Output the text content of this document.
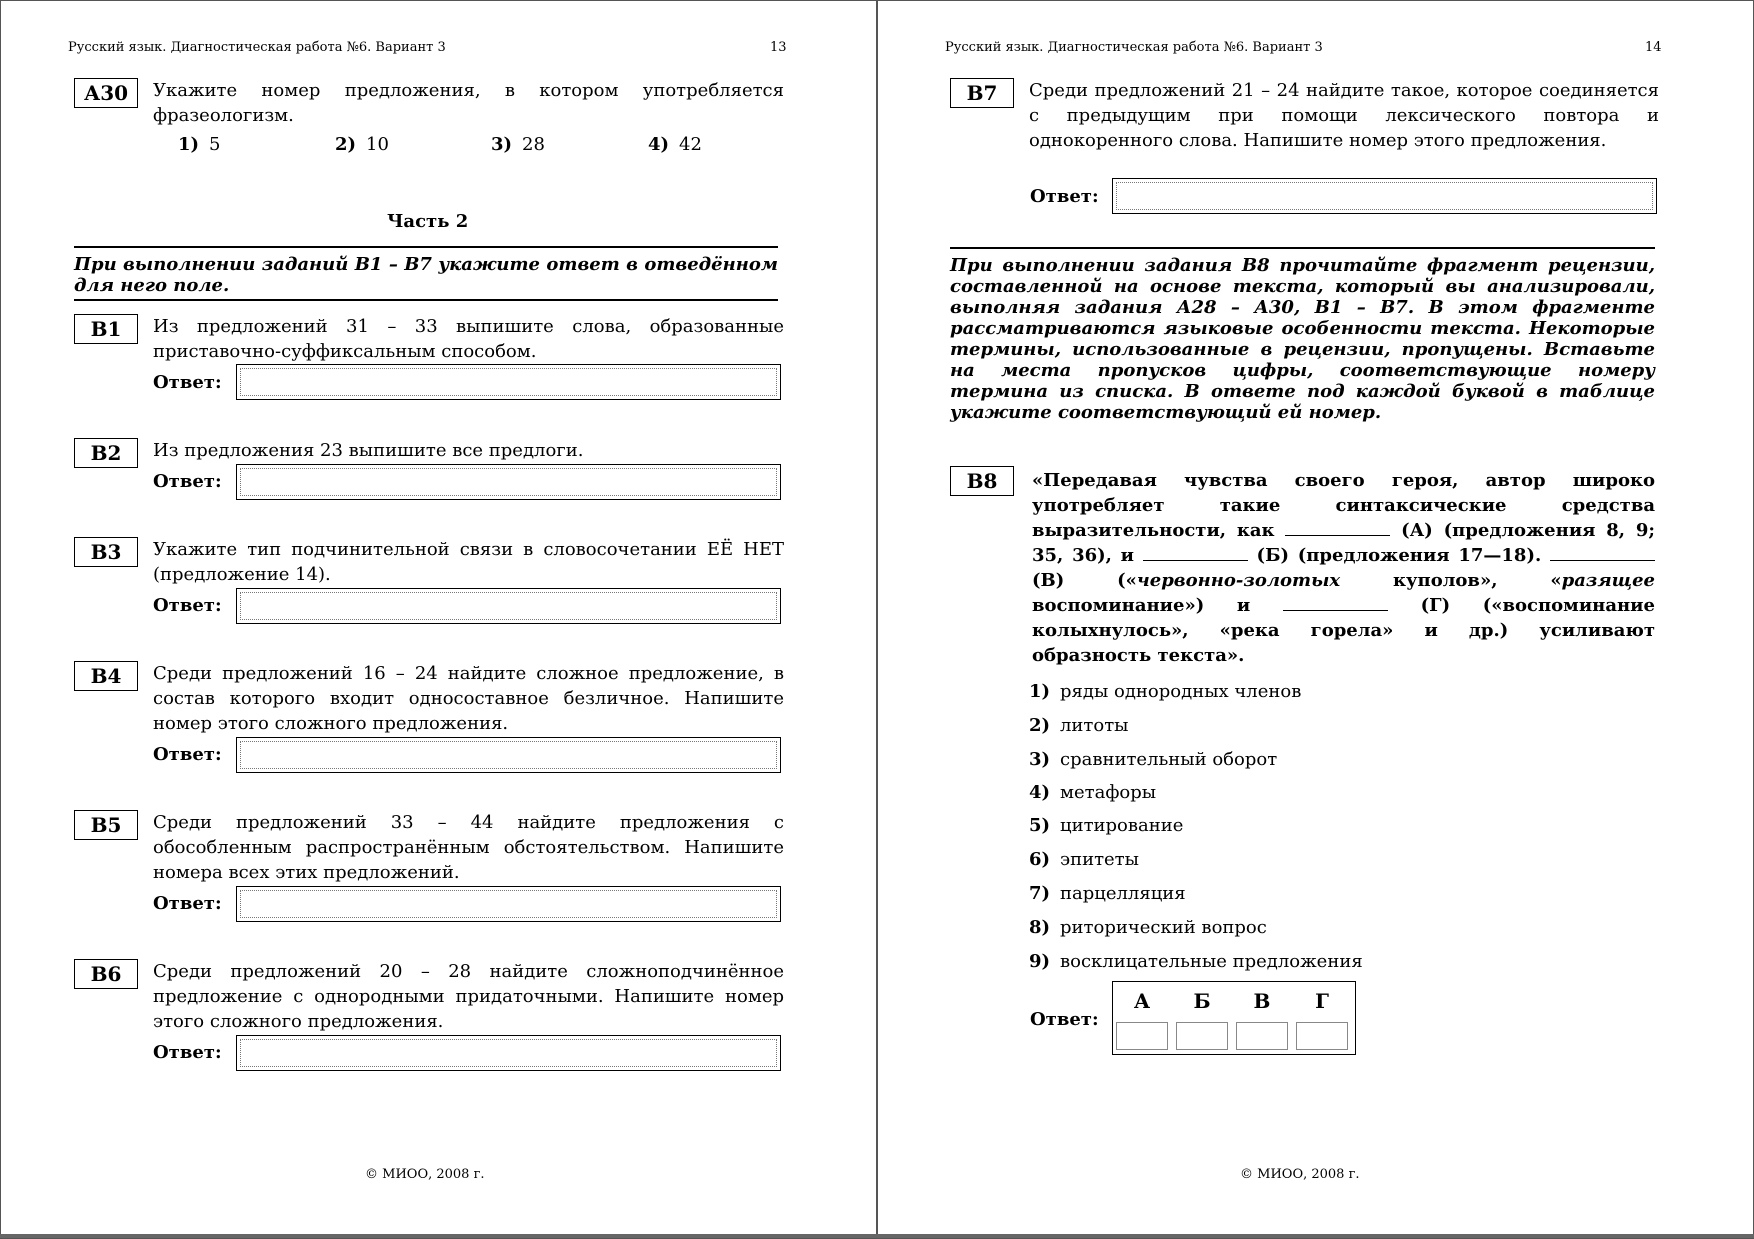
Русский язык. Диагностическая работа №6. Вариант 3	13
А30	Укажите номер предложения, в котором употребляется фразеологизм.
1) 5	2) 10	3) 28	4) 42
Часть 2
При выполнении заданий B1 – B7 укажите ответ в отведённом для него поле.
B1	Из предложений 31 – 33 выпишите слова, образованные приставочно-суффиксальным способом.
Ответ:
B2	Из предложения 23 выпишите все предлоги.
Ответ:
B3	Укажите тип подчинительной связи в словосочетании ЕЁ НЕТ (предложение 14).
Ответ:
B4	Среди предложений 16 – 24 найдите сложное предложение, в состав которого входит односоставное безличное. Напишите номер этого сложного предложения.
Ответ:
B5	Среди предложений 33 – 44 найдите предложения с обособленным распространённым обстоятельством. Напишите номера всех этих предложений.
Ответ:
B6	Среди предложений 20 – 28 найдите сложноподчинённое предложение с однородными придаточными. Напишите номер этого сложного предложения.
Ответ:
© МИОО, 2008 г.
Русский язык. Диагностическая работа №6. Вариант 3	14
B7	Среди предложений 21 – 24 найдите такое, которое соединяется с предыдущим при помощи лексического повтора и однокоренного слова. Напишите номер этого предложения.
Ответ:
При выполнении задания B8 прочитайте фрагмент рецензии, составленной на основе текста, который вы анализировали, выполняя задания А28 – А30, B1 – B7. В этом фрагменте рассматриваются языковые особенности текста. Некоторые термины, использованные в рецензии, пропущены. Вставьте на места пропусков цифры, соответствующие номеру термина из списка. В ответе под каждой буквой в таблице укажите соответствующий ей номер.
B8	«Передавая чувства своего героя, автор широко употребляет такие синтаксические средства выразительности, как	(А) (предложения 8, 9; 35, 36), и	(Б) (предложения 17—18).  (В) («червонно-золотых куполов», «разящее воспоминание») и	(Г) («воспоминание колыхнулось», «река горела» и др.) усиливают образность текста».
1) ряды однородных членов
2) литоты
3) сравнительный оборот
4) метафоры
5) цитирование
6) эпитеты
7) парцелляция
8) риторический вопрос
9) восклицательные предложения
Ответ:
А	Б	В	Г
© МИОО, 2008 г.
